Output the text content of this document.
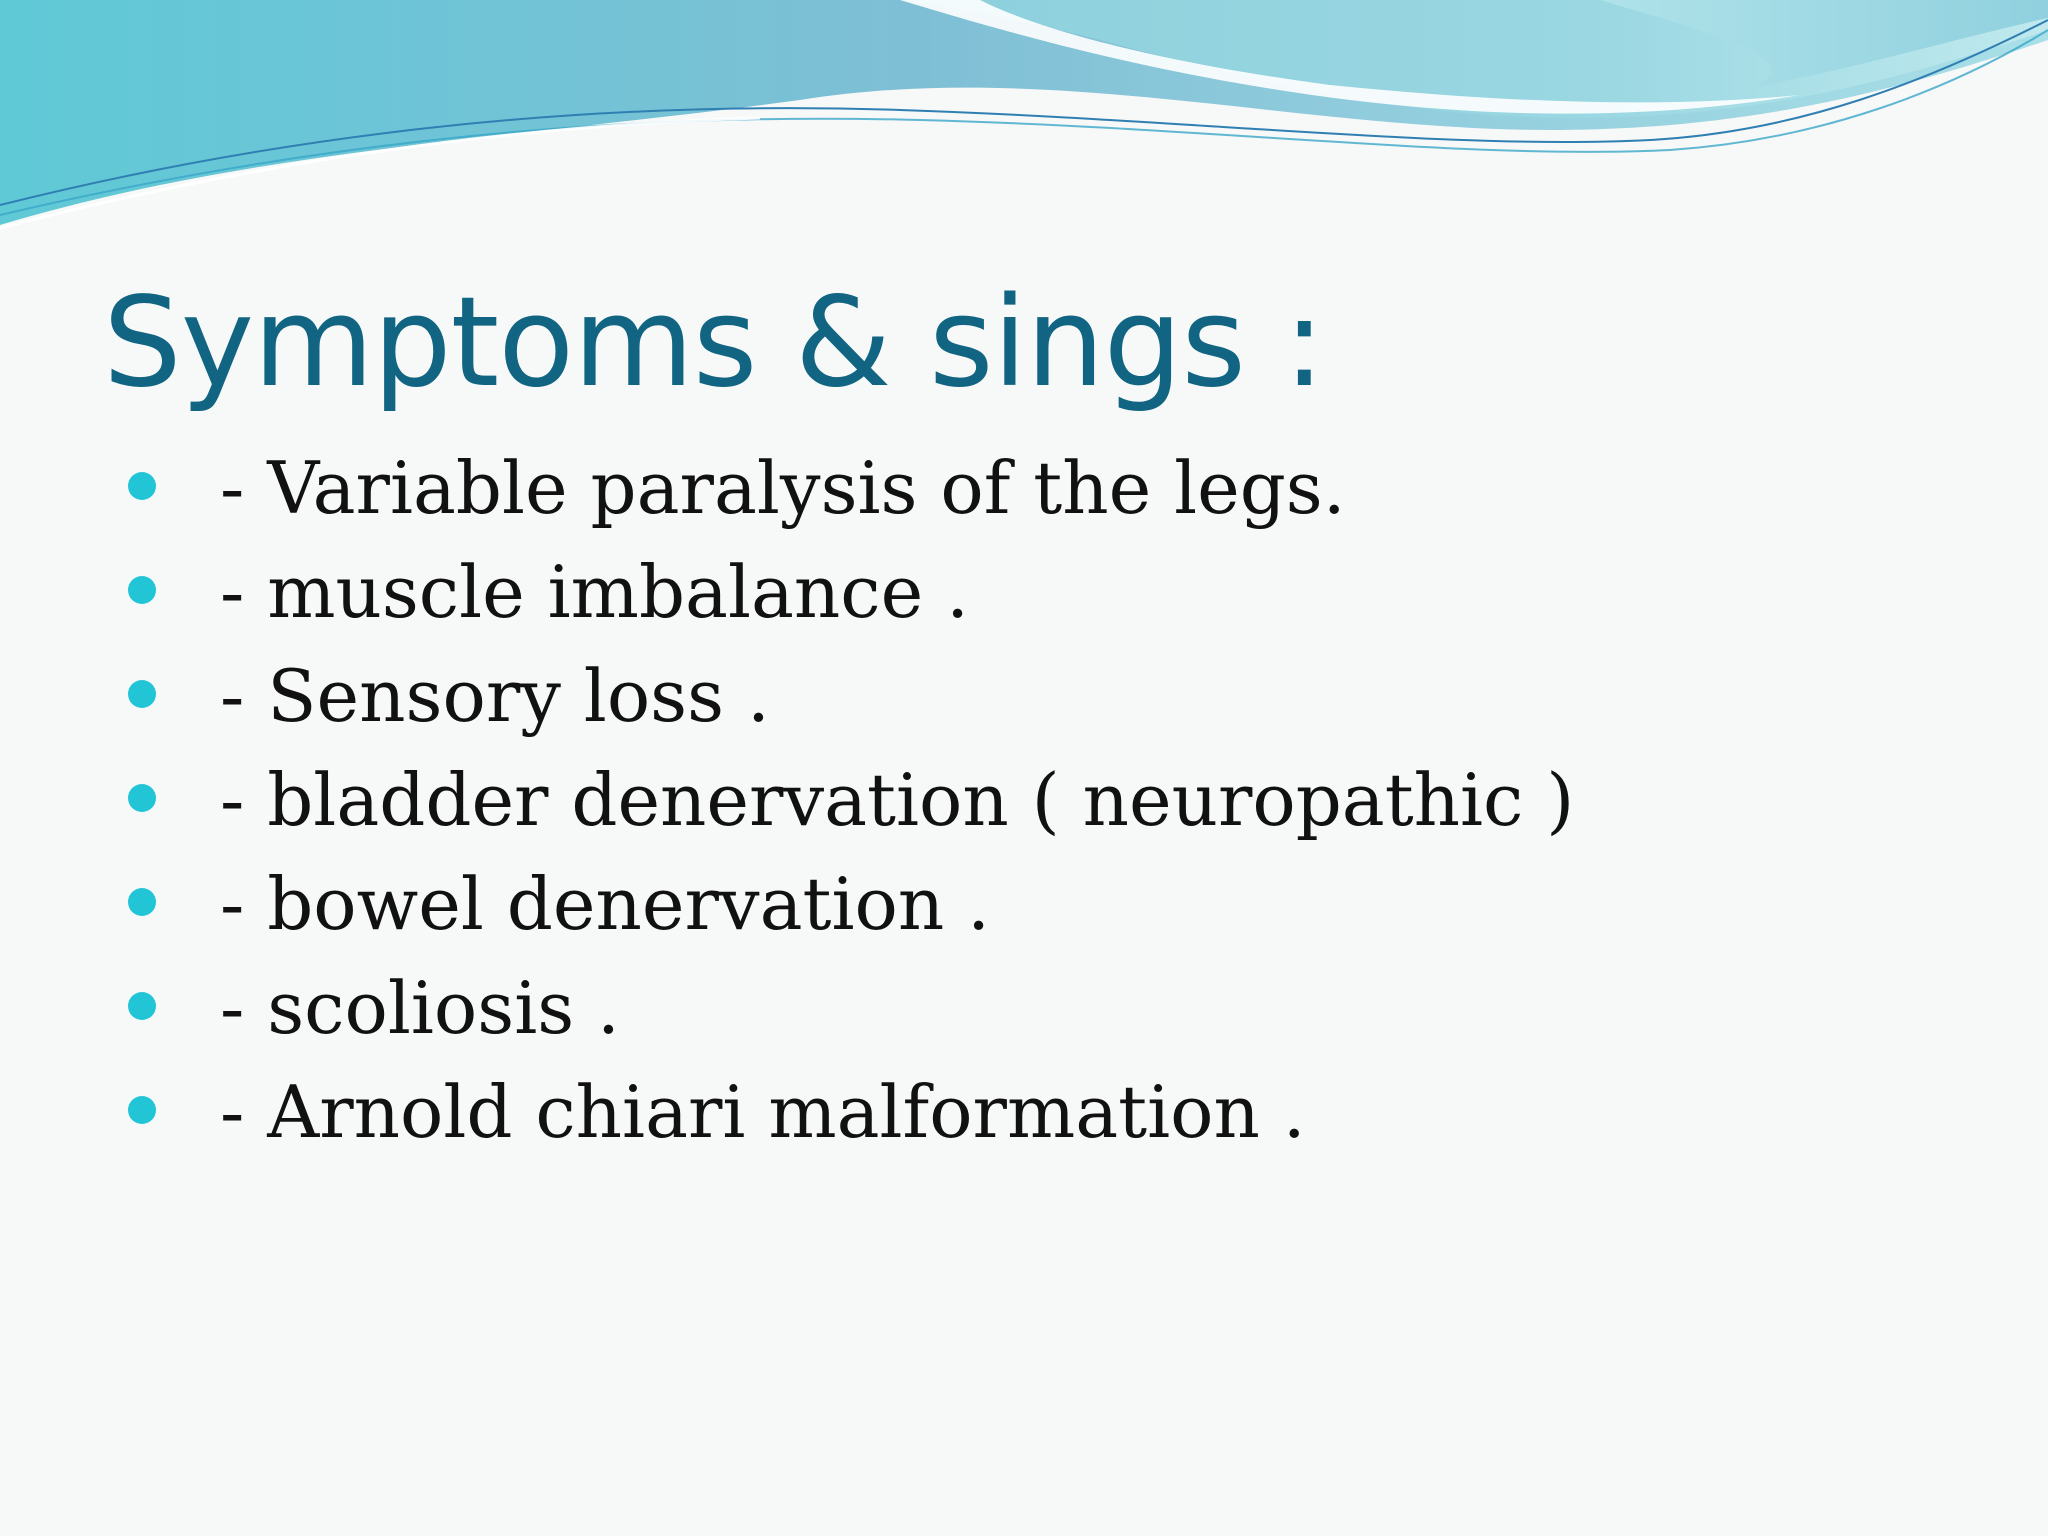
Symptoms & sings :
- Variable paralysis of the legs.
- muscle imbalance .
- Sensory loss .
- bladder denervation ( neuropathic )
- bowel denervation .
- scoliosis .
- Arnold chiari malformation .
